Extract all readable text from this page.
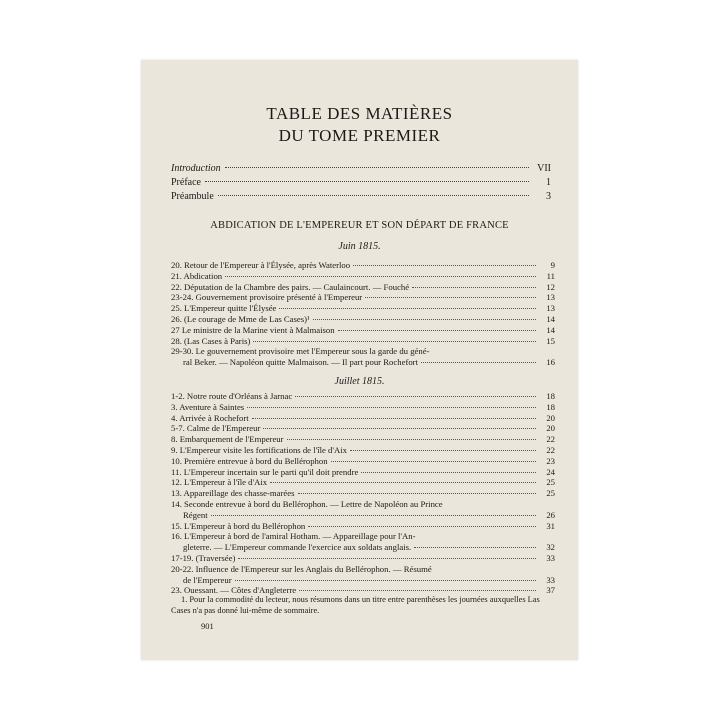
TABLE DES MATIÈRES
DU TOME PREMIER
Introduction	VII
Préface	1
Préambule	3
ABDICATION DE L'EMPEREUR ET SON DÉPART DE FRANCE
Juin 1815.
20. Retour de l'Empereur à l'Élysée, après Waterloo	9
21. Abdication	11
22. Députation de la Chambre des pairs. — Caulaincourt. — Fouché	12
23-24. Gouvernement provisoire présenté à l'Empereur	13
25. L'Empereur quitte l'Élysée	13
26. (Le courage de Mme de Las Cases)¹	14
27 Le ministre de la Marine vient à Malmaison	14
28. (Las Cases à Paris)	15
29-30. Le gouvernement provisoire met l'Empereur sous la garde du géné-
ral Beker. — Napoléon quitte Malmaison. — Il part pour Rochefort	16
Juillet 1815.
1-2. Notre route d'Orléans à Jarnac	18
3. Aventure à Saintes	18
4. Arrivée à Rochefort	20
5-7. Calme de l'Empereur	20
8. Embarquement de l'Empereur	22
9. L'Empereur visite les fortifications de l'île d'Aix	22
10. Première entrevue à bord du Bellérophon	23
11. L'Empereur incertain sur le parti qu'il doit prendre	24
12. L'Empereur à l'île d'Aix	25
13. Appareillage des chasse-marées	25
14. Seconde entrevue à bord du Bellérophon. — Lettre de Napoléon au Prince
Régent	26
15. L'Empereur à bord du Bellérophon	31
16. L'Empereur à bord de l'amiral Hotham. — Appareillage pour l'An-
gleterre. — L'Empereur commande l'exercice aux soldats anglais.	32
17-19. (Traversée)	33
20-22. Influence de l'Empereur sur les Anglais du Bellérophon. — Résumé
de l'Empereur	33
23. Ouessant. — Côtes d'Angleterre	37
1. Pour la commodité du lecteur, nous résumons dans un titre entre parenthèses les journées auxquelles Las Cases n'a pas donné lui-même de sommaire.
901
